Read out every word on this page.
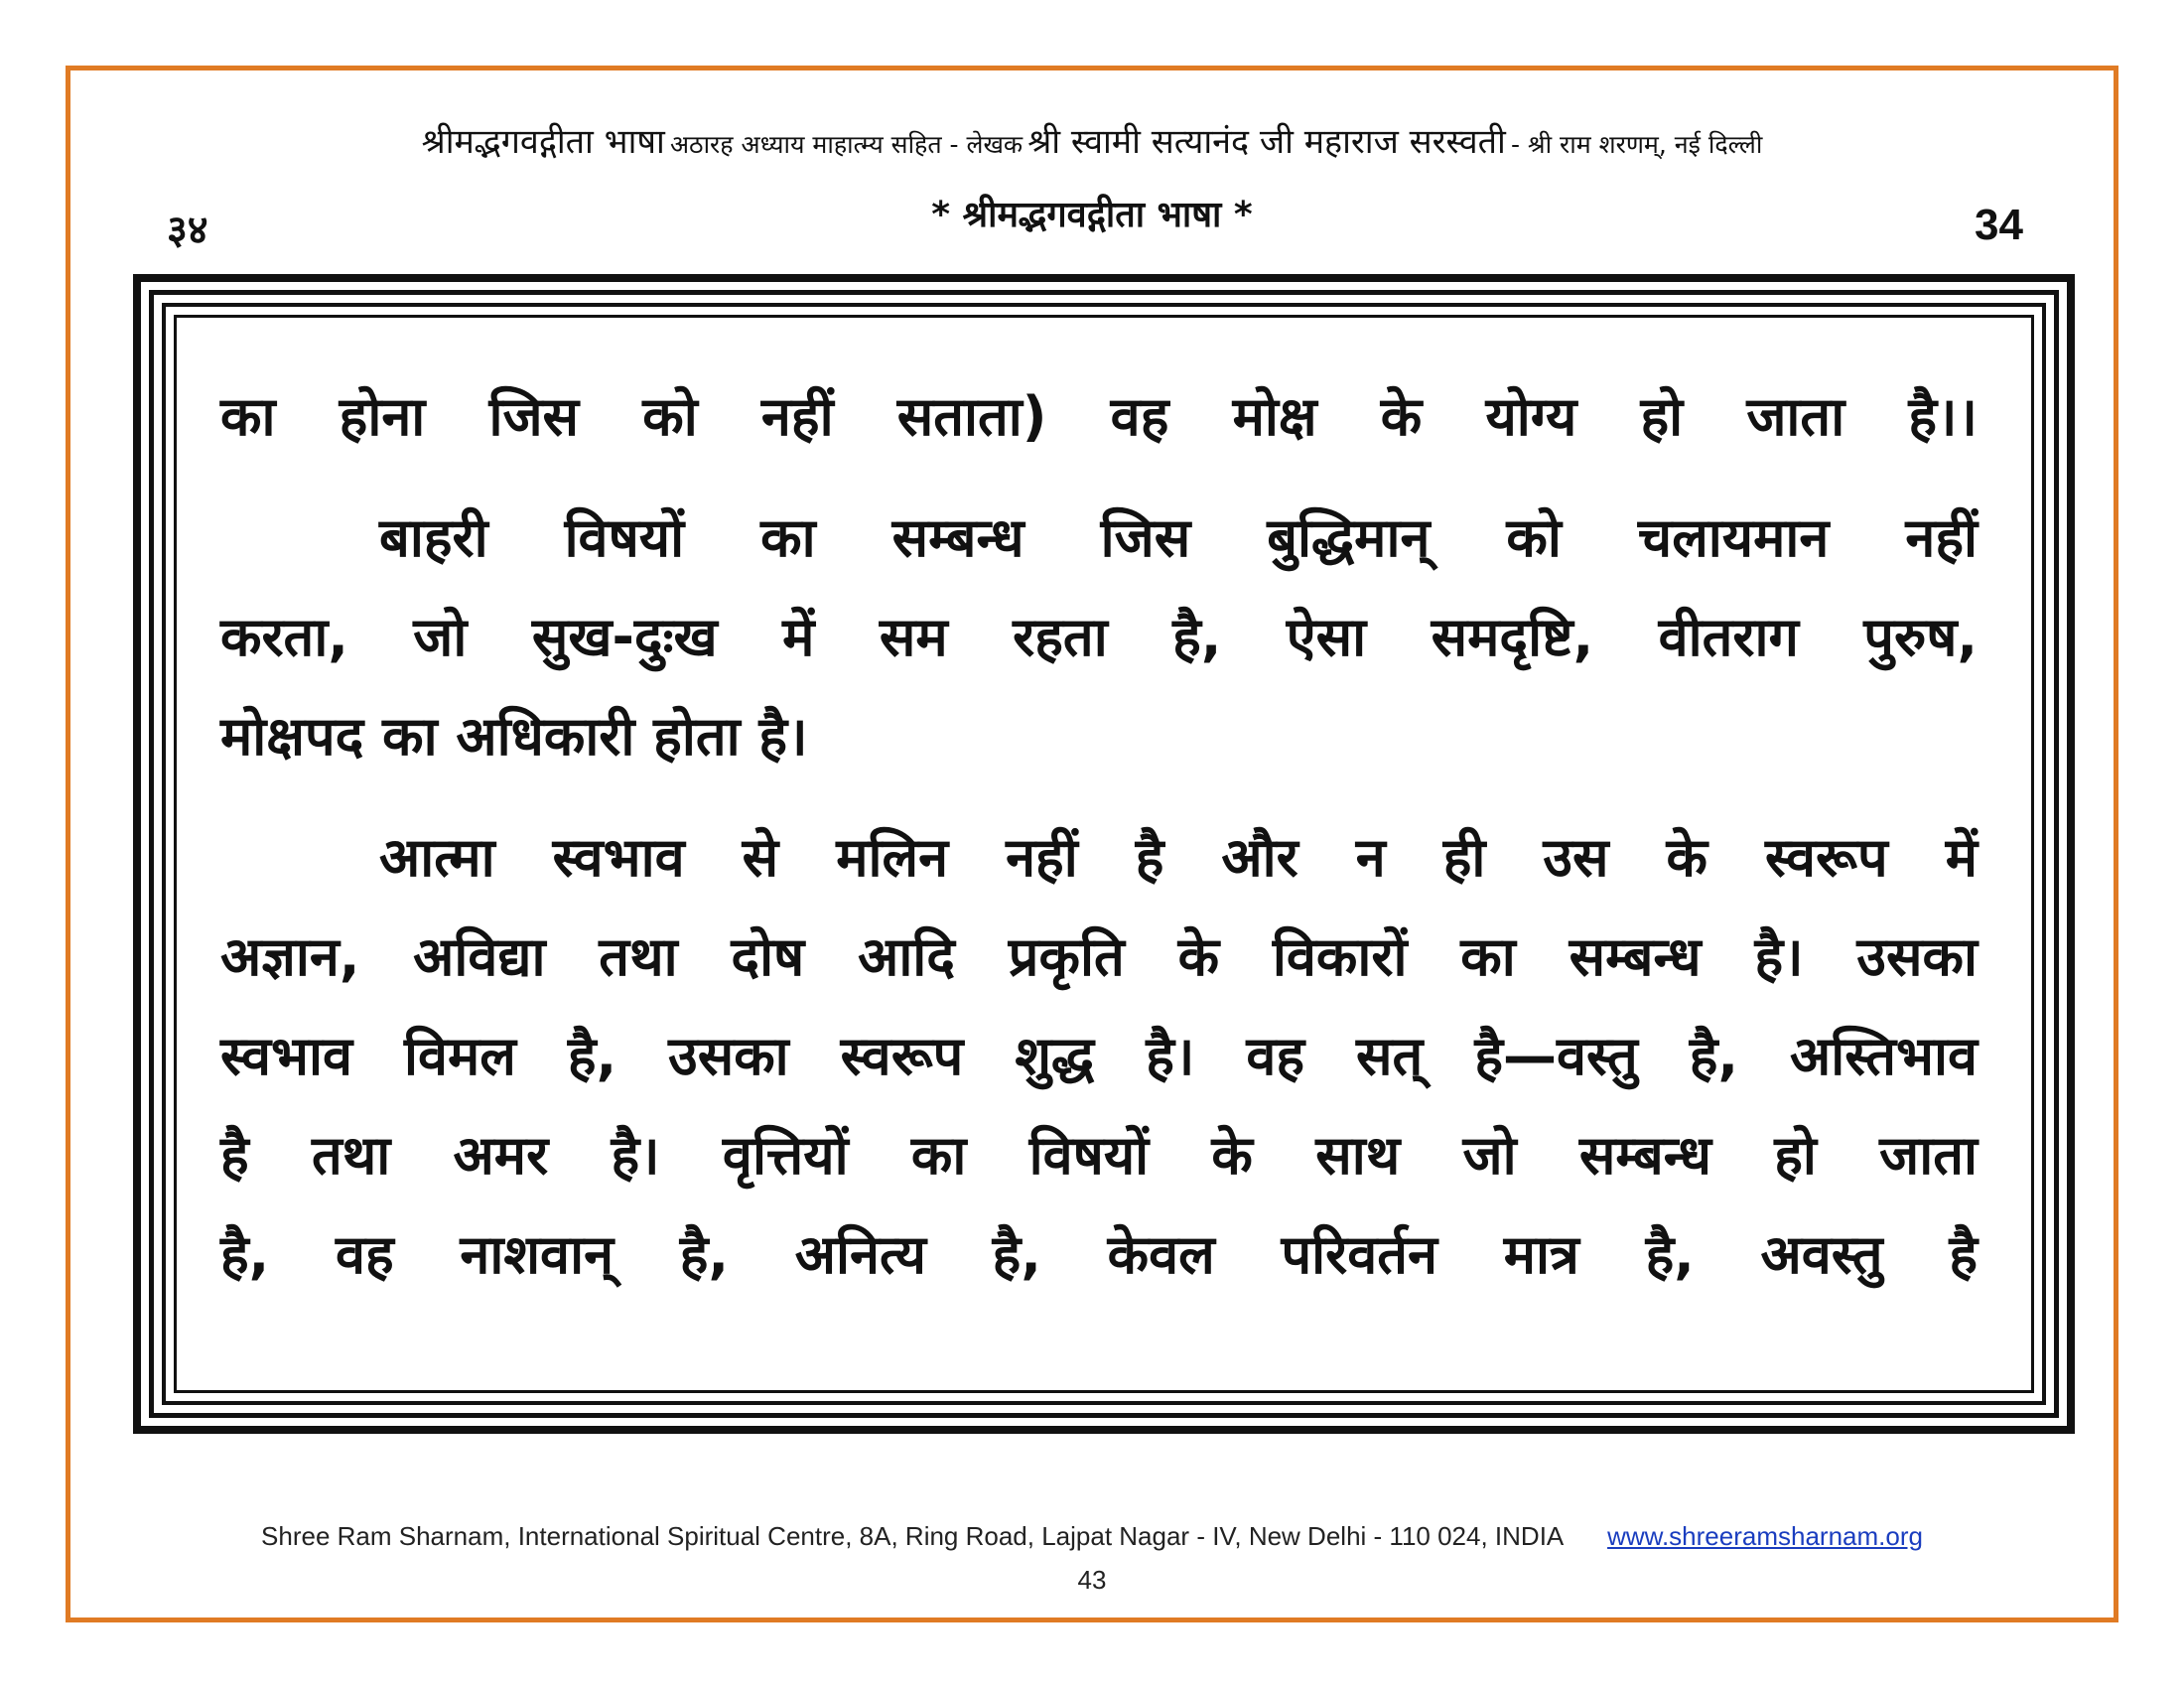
श्रीमद्भगवद्गीता भाषा अठारह अध्याय माहात्म्य सहित - लेखक श्री स्वामी सत्यानंद जी महाराज सरस्वती - श्री राम शरणम्, नई दिल्ली
३४	* श्रीमद्भगवद्गीता भाषा *	34
का होना जिस को नहीं सताता) वह मोक्ष के योग्य हो जाता है।।
बाहरी विषयों का सम्बन्ध जिस बुद्धिमान् को चलायमान नहीं
करता, जो सुख-दुःख में सम रहता है, ऐसा समदृष्टि, वीतराग पुरुष,
मोक्षपद का अधिकारी होता है।
आत्मा स्वभाव से मलिन नहीं है और न ही उस के स्वरूप में
अज्ञान, अविद्या तथा दोष आदि प्रकृति के विकारों का सम्बन्ध है। उसका
स्वभाव विमल है, उसका स्वरूप शुद्ध है। वह सत् है—वस्तु है, अस्तिभाव
है तथा अमर है। वृत्तियों का विषयों के साथ जो सम्बन्ध हो जाता
है, वह नाशवान् है, अनित्य है, केवल परिवर्तन मात्र है, अवस्तु है
Shree Ram Sharnam, International Spiritual Centre, 8A, Ring Road, Lajpat Nagar - IV, New Delhi - 110 024, INDIA www.shreeramsharnam.org
43
